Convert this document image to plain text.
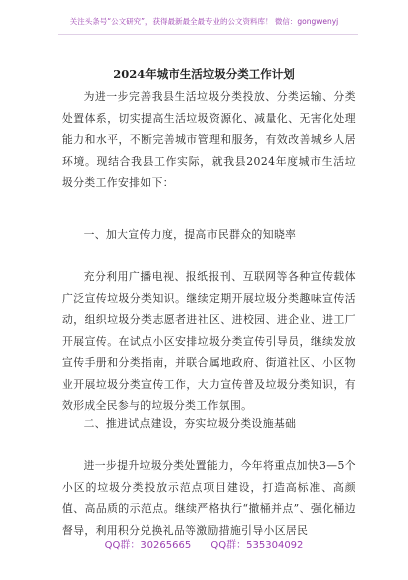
关注头条号“公文研究”，获得最新最全最专业的公文资料库！ 微信：gongwenyj
2024年城市生活垃圾分类工作计划

为进一步完善我县生活垃圾分类投放、分类运输、分类处置体系，切实提高生活垃圾资源化、减量化、无害化处理能力和水平，不断完善城市管理和服务，有效改善城乡人居环境。现结合我县工作实际，就我县2024年度城市生活垃圾分类工作安排如下：

一、加大宣传力度，提高市民群众的知晓率

充分利用广播电视、报纸报刊、互联网等各种宣传载体广泛宣传垃圾分类知识。继续定期开展垃圾分类趣味宣传活动，组织垃圾分类志愿者进社区、进校园、进企业、进工厂开展宣传。在试点小区安排垃圾分类宣传引导员，继续发放宣传手册和分类指南，并联合属地政府、街道社区、小区物业开展垃圾分类宣传工作，大力宣传普及垃圾分类知识，有效形成全民参与的垃圾分类工作氛围。

二、推进试点建设，夯实垃圾分类设施基础

进一步提升垃圾分类处置能力，今年将重点加快3—5个小区的垃圾分类投放示范点项目建设，打造高标准、高颜值、高品质的示范点。继续严格执行“撤桶并点”、强化桶边督导，利用积分兑换礼品等激励措施引导小区居民

QQ群：30265665 QQ群：535304092
